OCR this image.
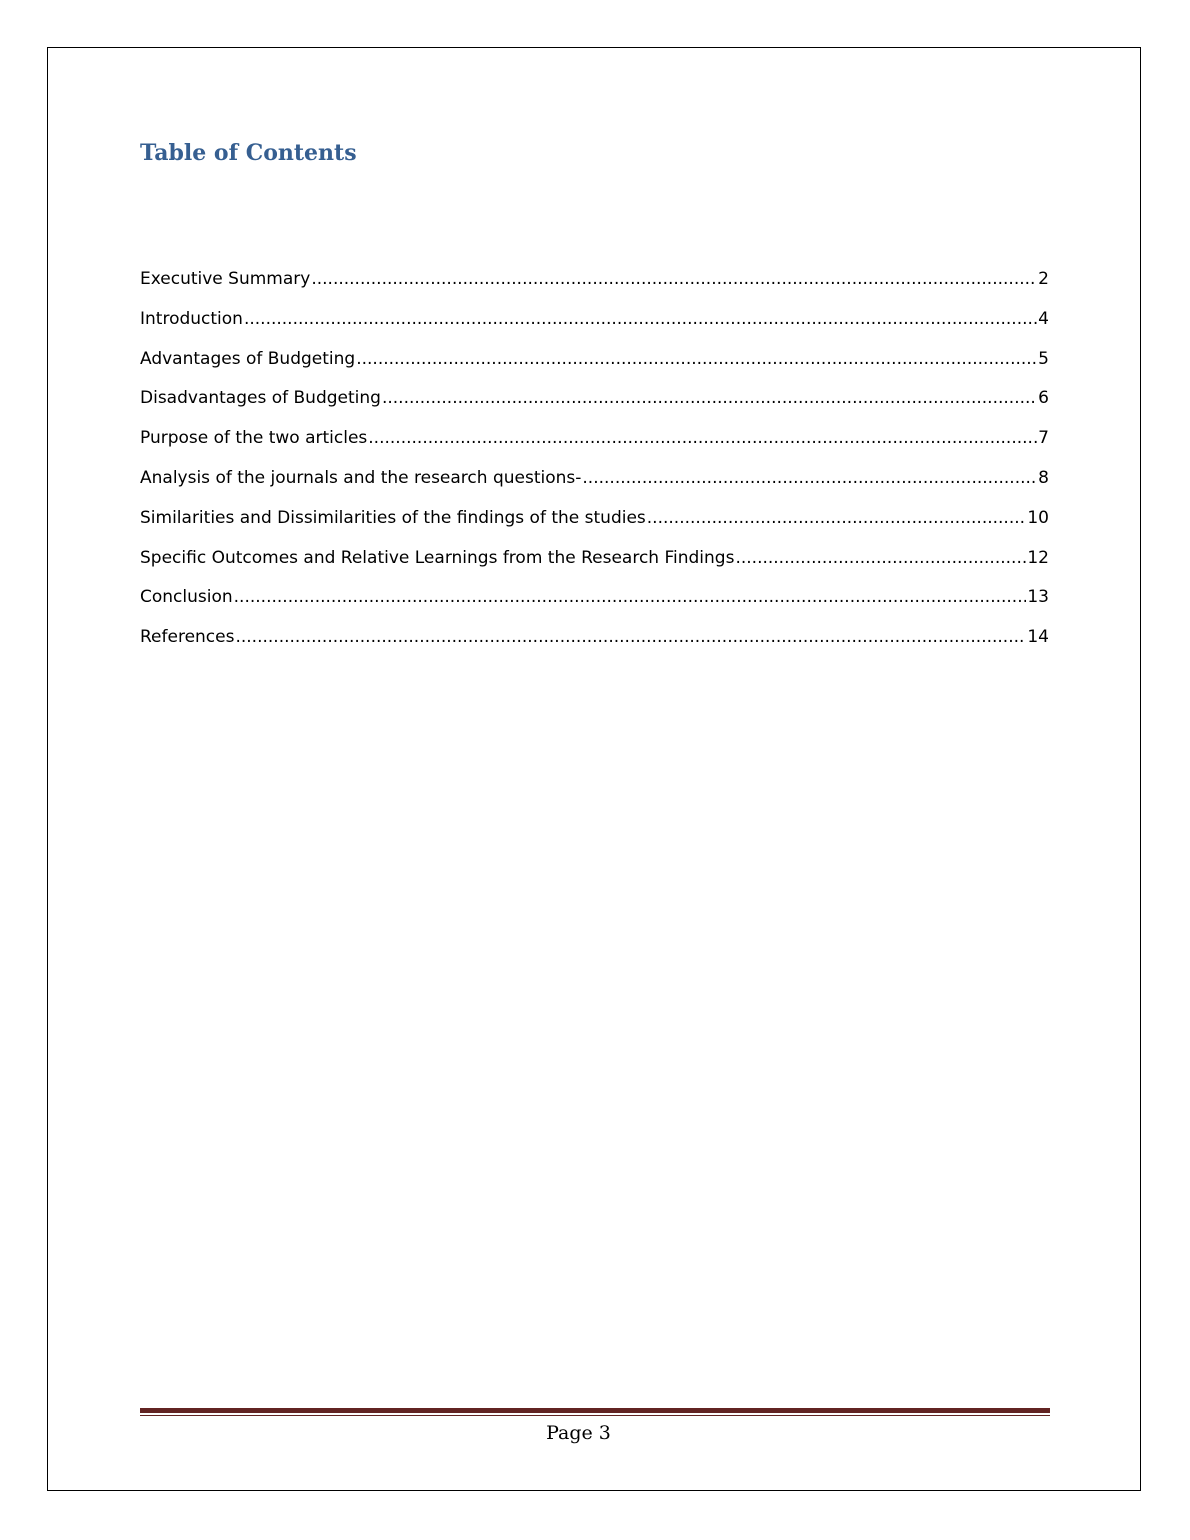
Table of Contents
Executive Summary .....	2
Introduction .....	4
Advantages of Budgeting .....	5
Disadvantages of Budgeting .....	6
Purpose of the two articles .....	7
Analysis of the journals and the research questions- .....	8
Similarities and Dissimilarities of the findings of the studies .....	10
Specific Outcomes and Relative Learnings from the Research Findings .....	12
Conclusion .....	13
References .....	14
Page 3
